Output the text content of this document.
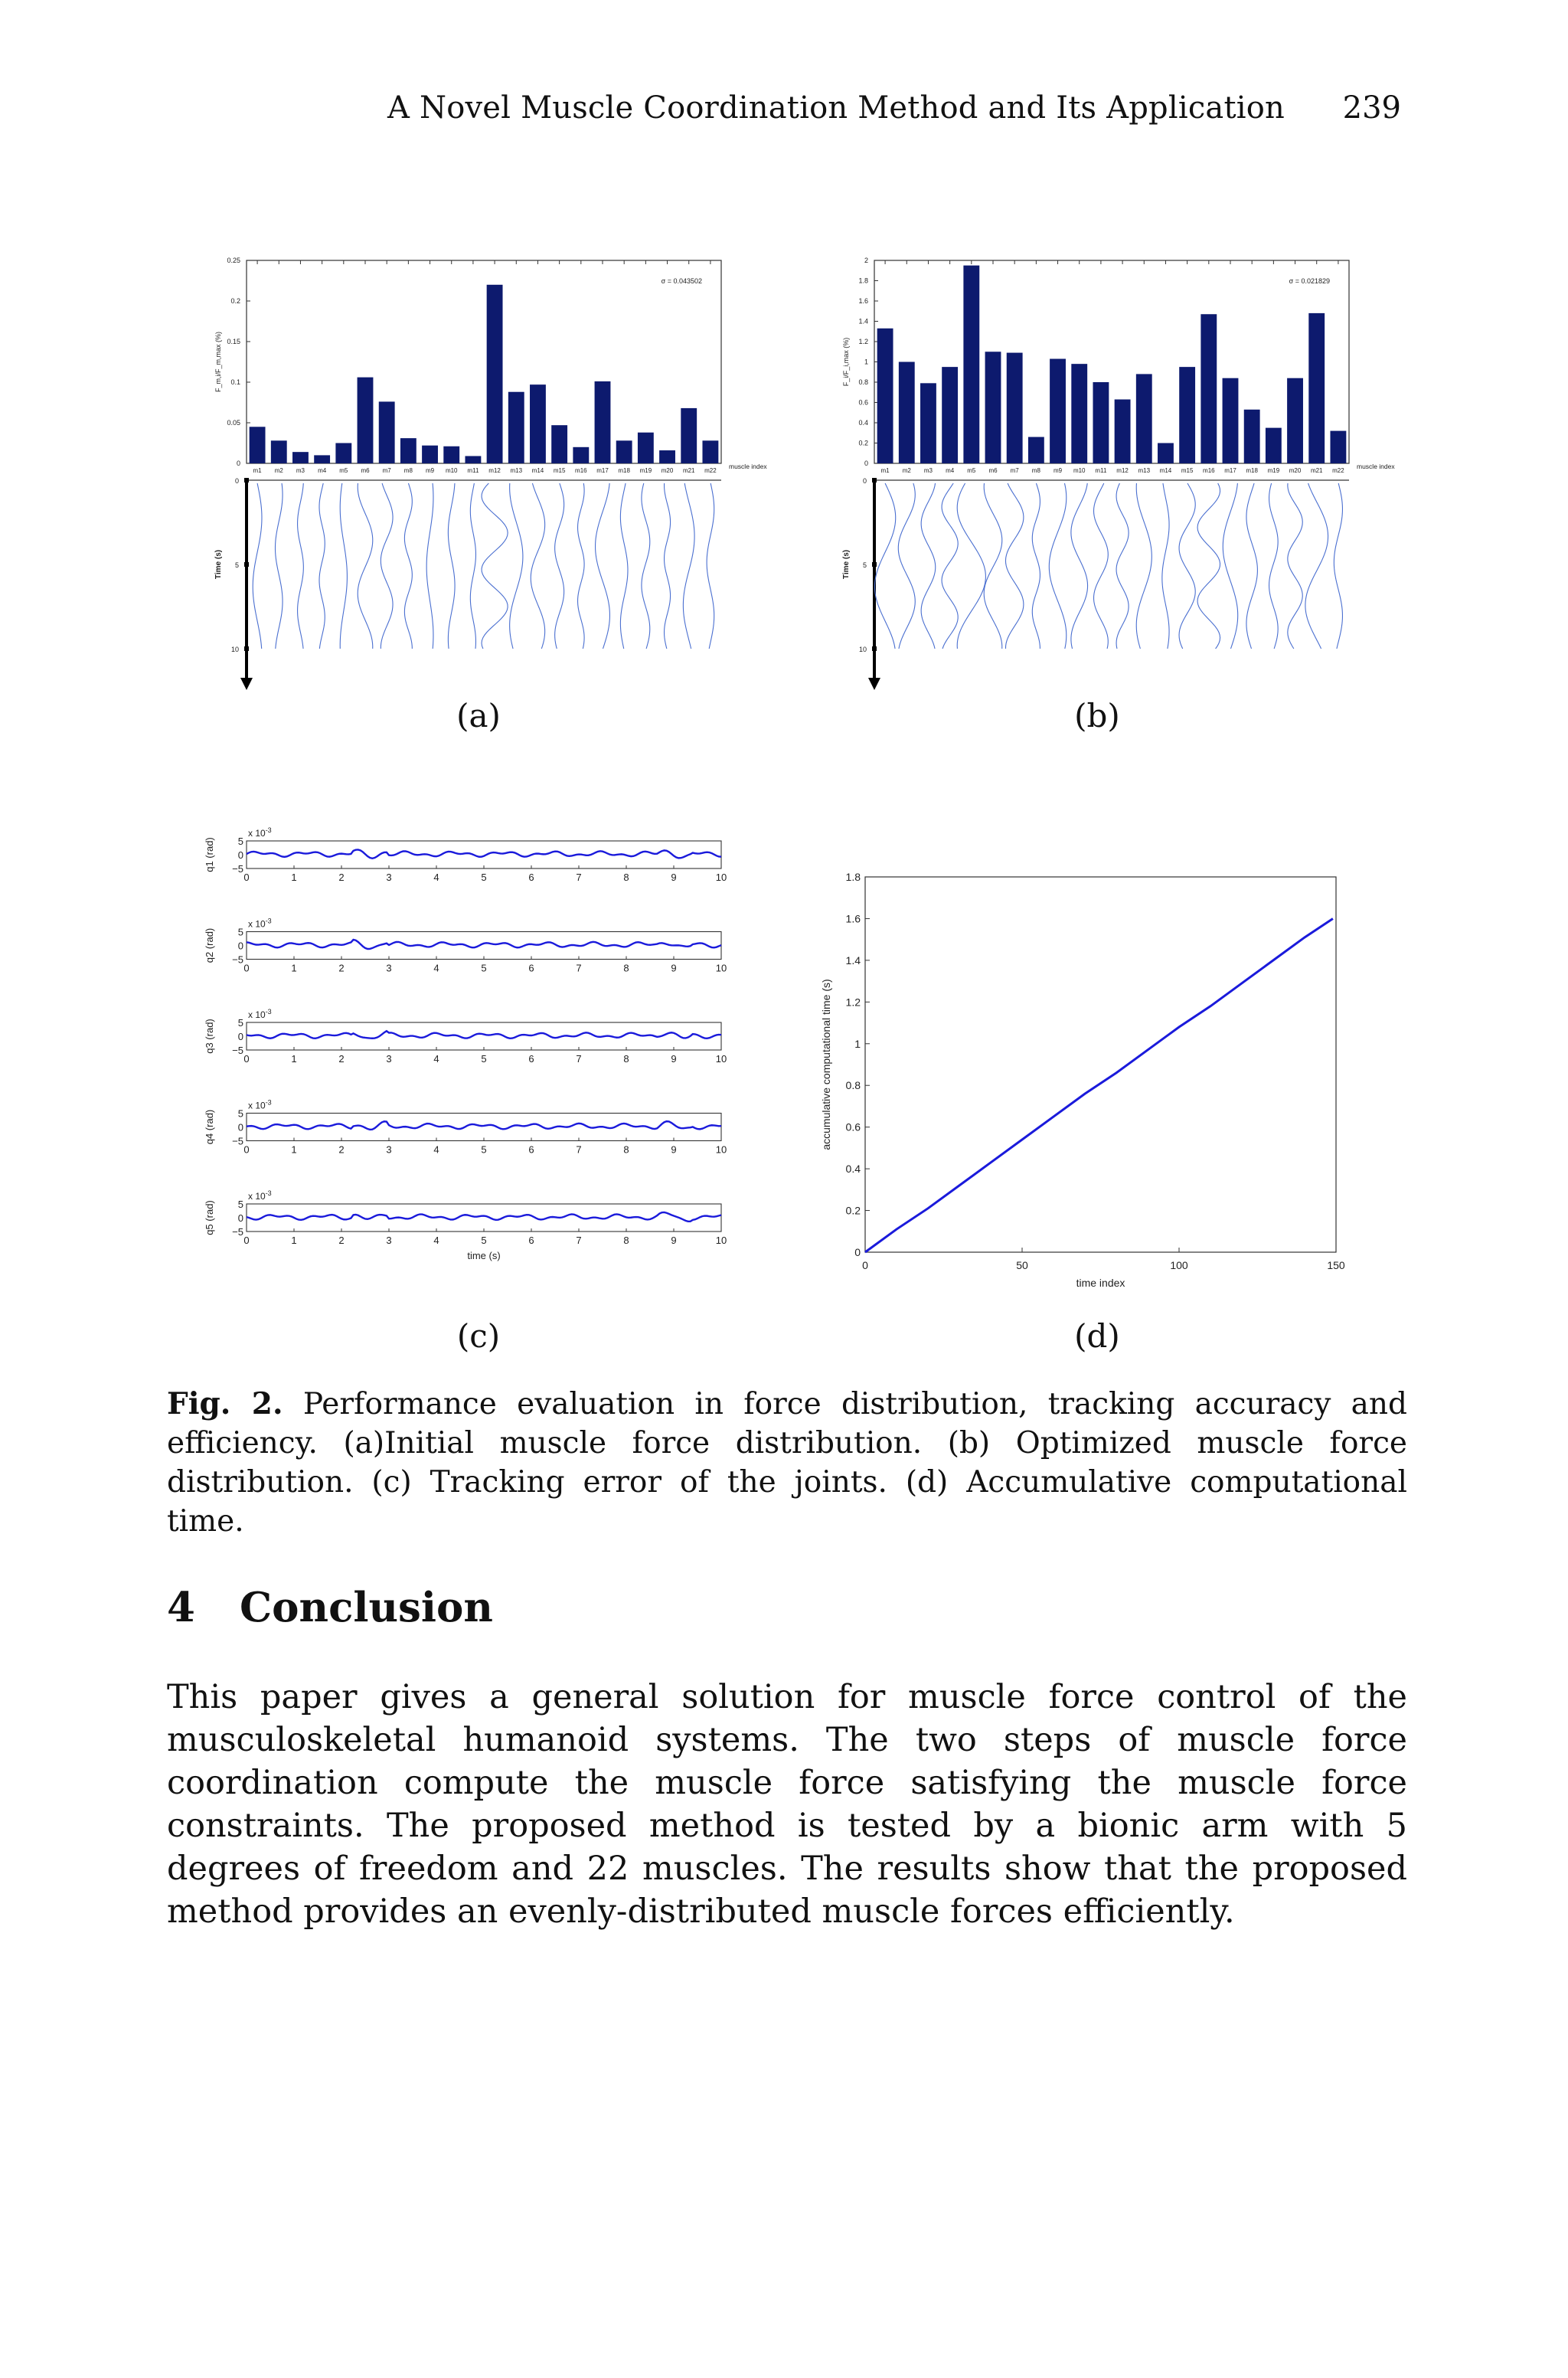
A Novel Muscle Coordination Method and Its Application 239
0
0.05
0.1
0.15
0.2
0.25
m1 m2 m3 m4 m5 m6 m7 m8 m9 m10 m11 m12 m13 m14 m15 m16 m17 m18 m19 m20 m21 m22
muscle index
σ = 0.043502
F_m,i/F_m,max (%)
0
5
10
Time (s)
(a)
0
0.2
0.4
0.6
0.8
1
1.2
1.4
1.6
1.8
2
m1 m2 m3 m4 m5 m6 m7 m8 m9 m10 m11 m12 m13 m14 m15 m16 m17 m18 m19 m20 m21 m22
muscle index
σ = 0.021829
F_i/F_i,max (%)
0
5
10
Time (s)
(b)
x $10^{-3}$
5
0
−5
0	1	2	3	4	5	6	7	8	9	10
q1 (rad)
x $10^{-3}$
5
0
−5
0	1	2	3	4	5	6	7	8	9	10
q2 (rad)
x $10^{-3}$
5
0
−5
0	1	2	3	4	5	6	7	8	9	10
q3 (rad)
x $10^{-3}$
5
0
−5
0	1	2	3	4	5	6	7	8	9	10
q4 (rad)
x $10^{-3}$
5
0
−5
0	1	2	3	4	5	6	7	8	9	10
q5 (rad)
time (s)
(c)
0
0.2
0.4
0.6
0.8
1
1.2
1.4
1.6
1.8
0	50	100	150
time index
accumulative computational time (s)
(d)
Fig. 2. Performance evaluation in force distribution, tracking accuracy and efficiency. (a)Initial muscle force distribution. (b) Optimized muscle force distribution. (c) Tracking error of the joints. (d) Accumulative computational time.
4 Conclusion
This paper gives a general solution for muscle force control of the musculoskeletal humanoid systems. The two steps of muscle force coordination compute the muscle force satisfying the muscle force constraints. The proposed method is tested by a bionic arm with 5 degrees of freedom and 22 muscles. The results show that the proposed method provides an evenly-distributed muscle forces efficiently.
